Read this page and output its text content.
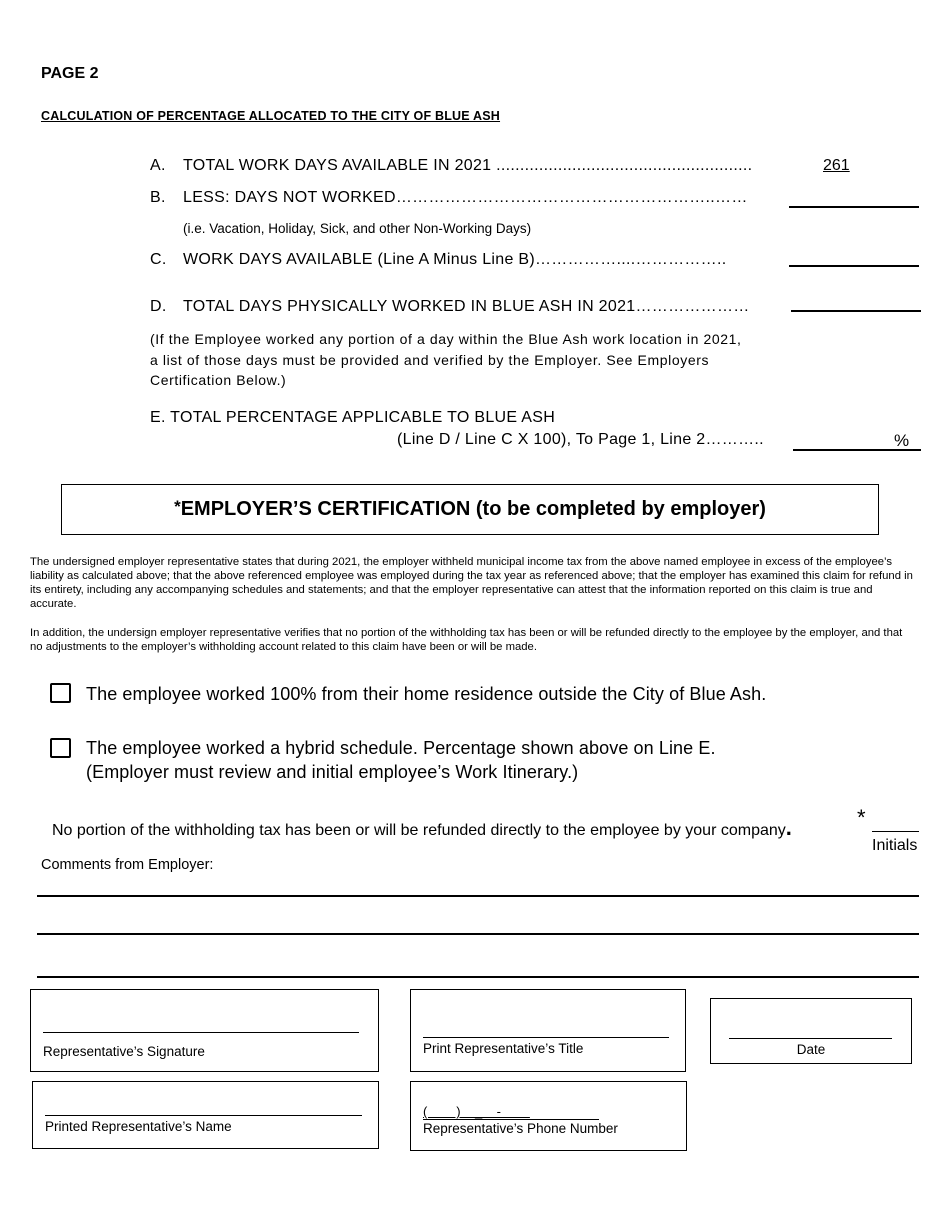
PAGE 2
CALCULATION OF PERCENTAGE ALLOCATED TO THE CITY OF BLUE ASH
A. TOTAL WORK DAYS AVAILABLE IN 2021 ......................................................	261
B. LESS: DAYS NOT WORKED…………………………………………………..……
(i.e. Vacation, Holiday, Sick, and other Non-Working Days)
C. WORK DAYS AVAILABLE (Line A Minus Line B)……………....……………..
D. TOTAL DAYS PHYSICALLY WORKED IN BLUE ASH IN 2021…………………
(If the Employee worked any portion of a day within the Blue Ash work location in 2021, a list of those days must be provided and verified by the Employer. See Employers Certification Below.)
E. TOTAL PERCENTAGE APPLICABLE TO BLUE ASH
(Line D / Line C X 100), To Page 1, Line 2………..	%
* EMPLOYER’S CERTIFICATION (to be completed by employer)
The undersigned employer representative states that during 2021, the employer withheld municipal income tax from the above named employee in excess of the employee’s liability as calculated above; that the above referenced employee was employed during the tax year as referenced above; that the employer has examined this claim for refund in its entirety, including any accompanying schedules and statements; and that the employer representative can attest that the information reported on this claim is true and accurate.
In addition, the undersign employer representative verifies that no portion of the withholding tax has been or will be refunded directly to the employee by the employer, and that no adjustments to the employer’s withholding account related to this claim have been or will be made.
The employee worked 100% from their home residence outside the City of Blue Ash.
The employee worked a hybrid schedule. Percentage shown above on Line E.
(Employer must review and initial employee’s Work Itinerary.)
No portion of the withholding tax has been or will be refunded directly to the employee by your company.	*
Initials
Comments from Employer:
Representative’s Signature	Print Representative’s Title	Date
Printed Representative’s Name
(        )    _    -
Representative’s Phone Number
